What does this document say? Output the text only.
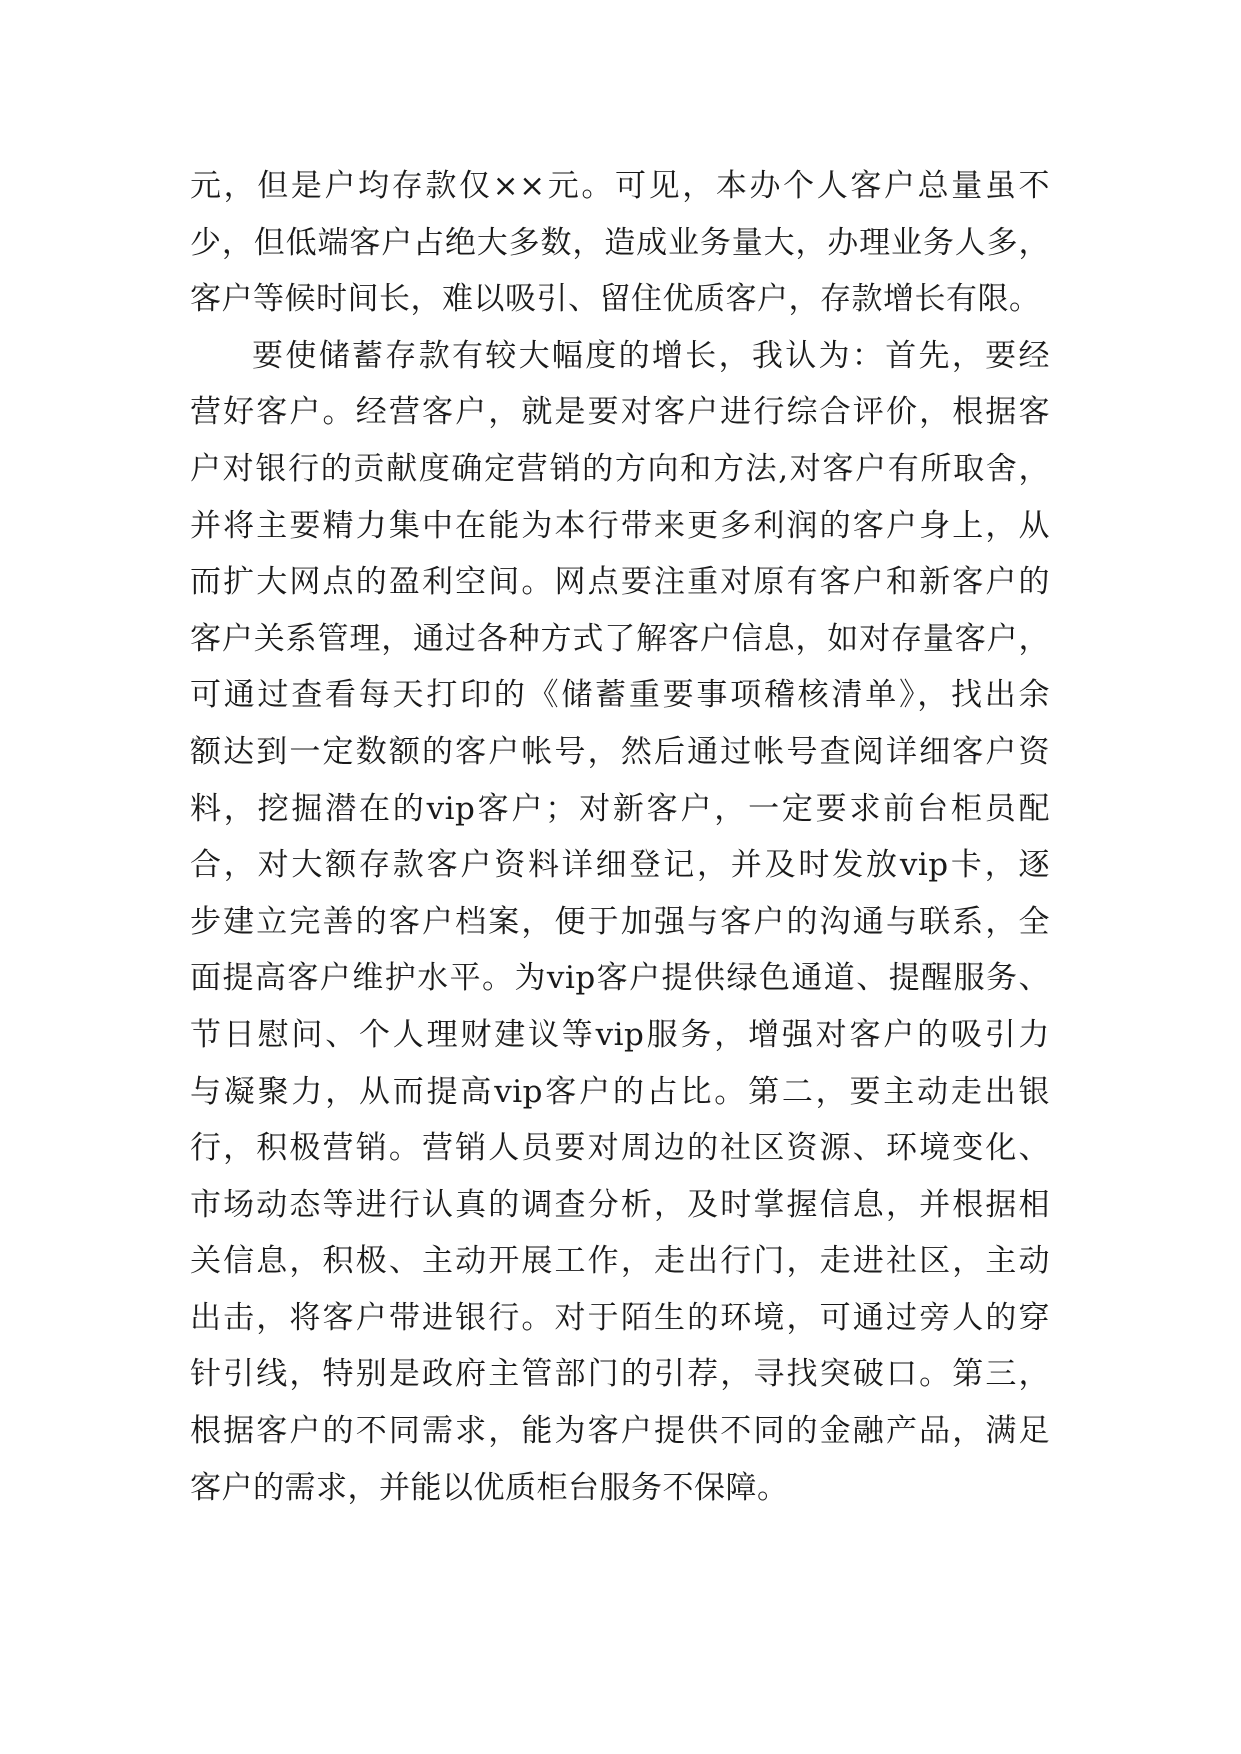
元，但是户均存款仅××元。可见，本办个人客户总量虽不
少，但低端客户占绝大多数，造成业务量大，办理业务人多，
客户等候时间长，难以吸引、留住优质客户，存款增长有限。
要使储蓄存款有较大幅度的增长，我认为：首先，要经
营好客户。经营客户，就是要对客户进行综合评价，根据客
户对银行的贡献度确定营销的方向和方法,对客户有所取舍，
并将主要精力集中在能为本行带来更多利润的客户身上，从
而扩大网点的盈利空间。网点要注重对原有客户和新客户的
客户关系管理，通过各种方式了解客户信息，如对存量客户，
可通过查看每天打印的《储蓄重要事项稽核清单》，找出余
额达到一定数额的客户帐号，然后通过帐号查阅详细客户资
料，挖掘潜在的vip客户；对新客户，一定要求前台柜员配
合，对大额存款客户资料详细登记，并及时发放vip卡，逐
步建立完善的客户档案，便于加强与客户的沟通与联系，全
面提高客户维护水平。为vip客户提供绿色通道、提醒服务、
节日慰问、个人理财建议等vip服务，增强对客户的吸引力
与凝聚力，从而提高vip客户的占比。第二，要主动走出银
行，积极营销。营销人员要对周边的社区资源、环境变化、
市场动态等进行认真的调查分析，及时掌握信息，并根据相
关信息，积极、主动开展工作，走出行门，走进社区，主动
出击，将客户带进银行。对于陌生的环境，可通过旁人的穿
针引线，特别是政府主管部门的引荐，寻找突破口。第三，
根据客户的不同需求，能为客户提供不同的金融产品，满足
客户的需求，并能以优质柜台服务不保障。
